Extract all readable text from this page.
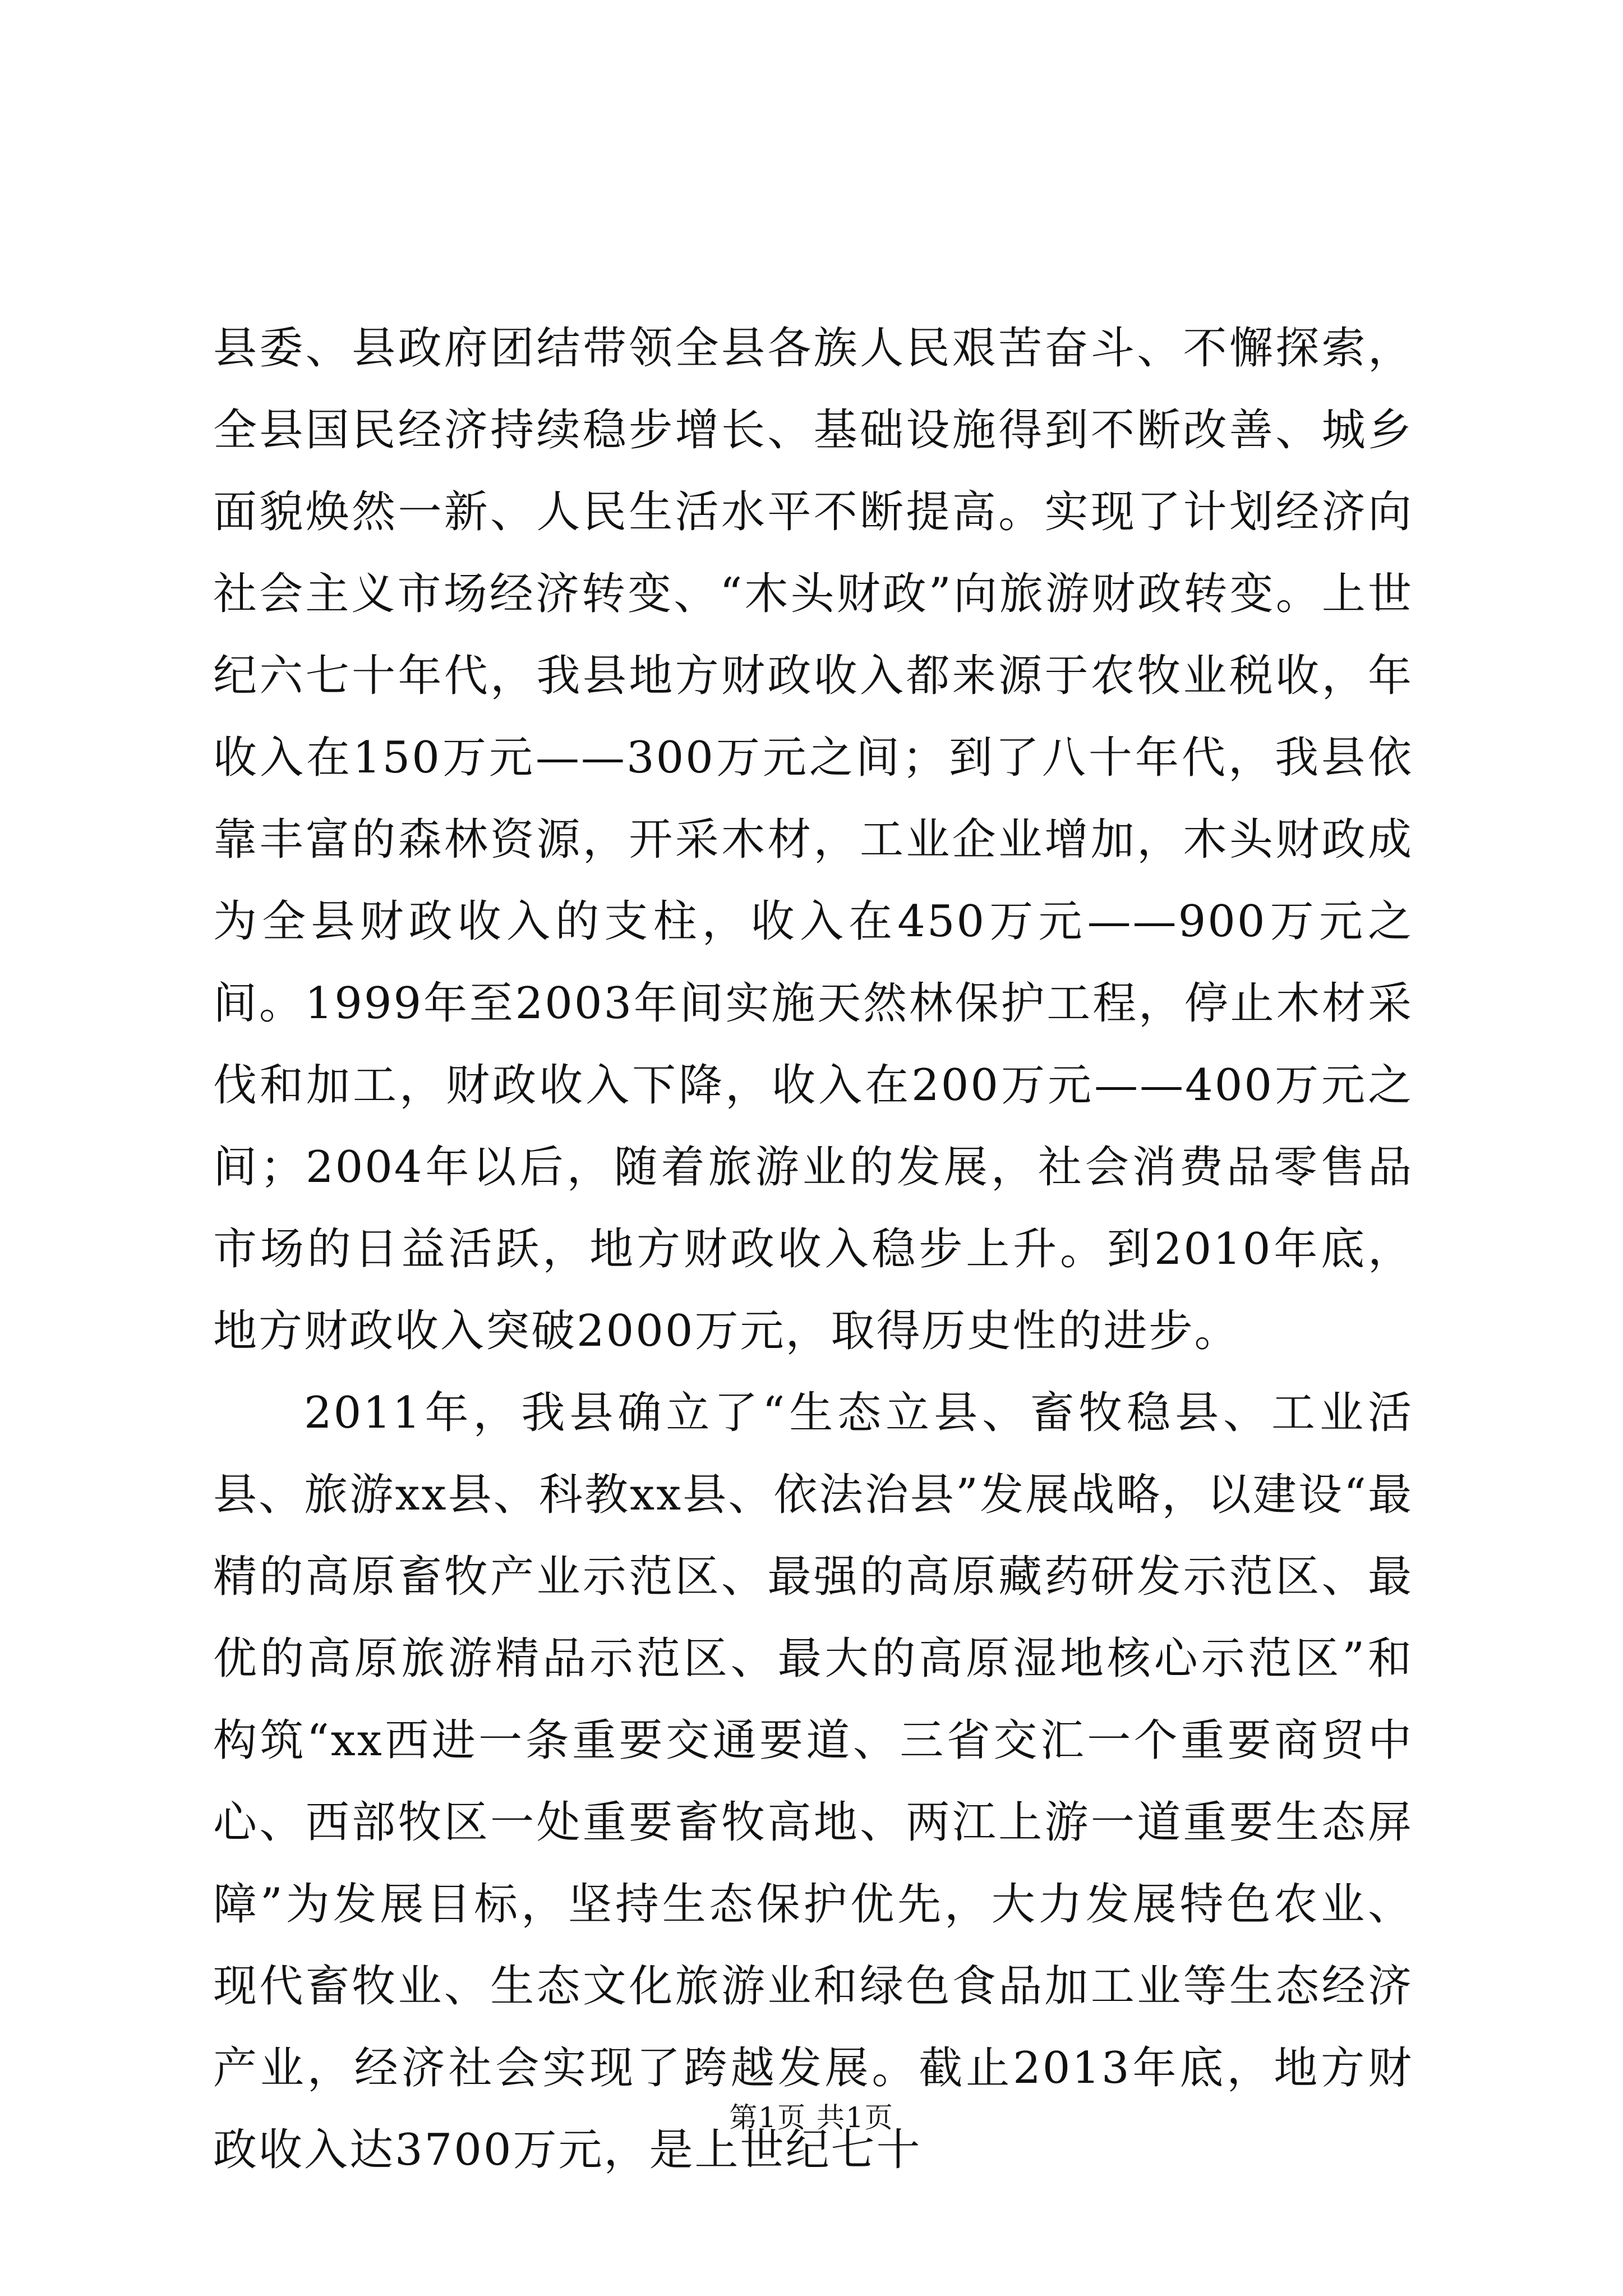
县委、县政府团结带领全县各族人民艰苦奋斗、不懈探索，全县国民经济持续稳步增长、基础设施得到不断改善、城乡面貌焕然一新、人民生活水平不断提高。实现了计划经济向社会主义市场经济转变、“木头财政”向旅游财政转变。上世纪六七十年代，我县地方财政收入都来源于农牧业税收，年收入在150万元——300万元之间；到了八十年代，我县依靠丰富的森林资源，开采木材，工业企业增加，木头财政成为全县财政收入的支柱，收入在450万元——900万元之间。1999年至2003年间实施天然林保护工程，停止木材采伐和加工，财政收入下降，收入在200万元——400万元之间；2004年以后，随着旅游业的发展，社会消费品零售品市场的日益活跃，地方财政收入稳步上升。到2010年底，地方财政收入突破2000万元，取得历史性的进步。

2011年，我县确立了“生态立县、畜牧稳县、工业活县、旅游xx县、科教xx县、依法治县”发展战略，以建设“最精的高原畜牧产业示范区、最强的高原藏药研发示范区、最优的高原旅游精品示范区、最大的高原湿地核心示范区”和构筑“xx西进一条重要交通要道、三省交汇一个重要商贸中心、西部牧区一处重要畜牧高地、两江上游一道重要生态屏障”为发展目标，坚持生态保护优先，大力发展特色农业、现代畜牧业、生态文化旅游业和绿色食品加工业等生态经济产业，经济社会实现了跨越发展。截止2013年底，地方财政收入达3700万元，是上世纪七十

第1页 共1页
